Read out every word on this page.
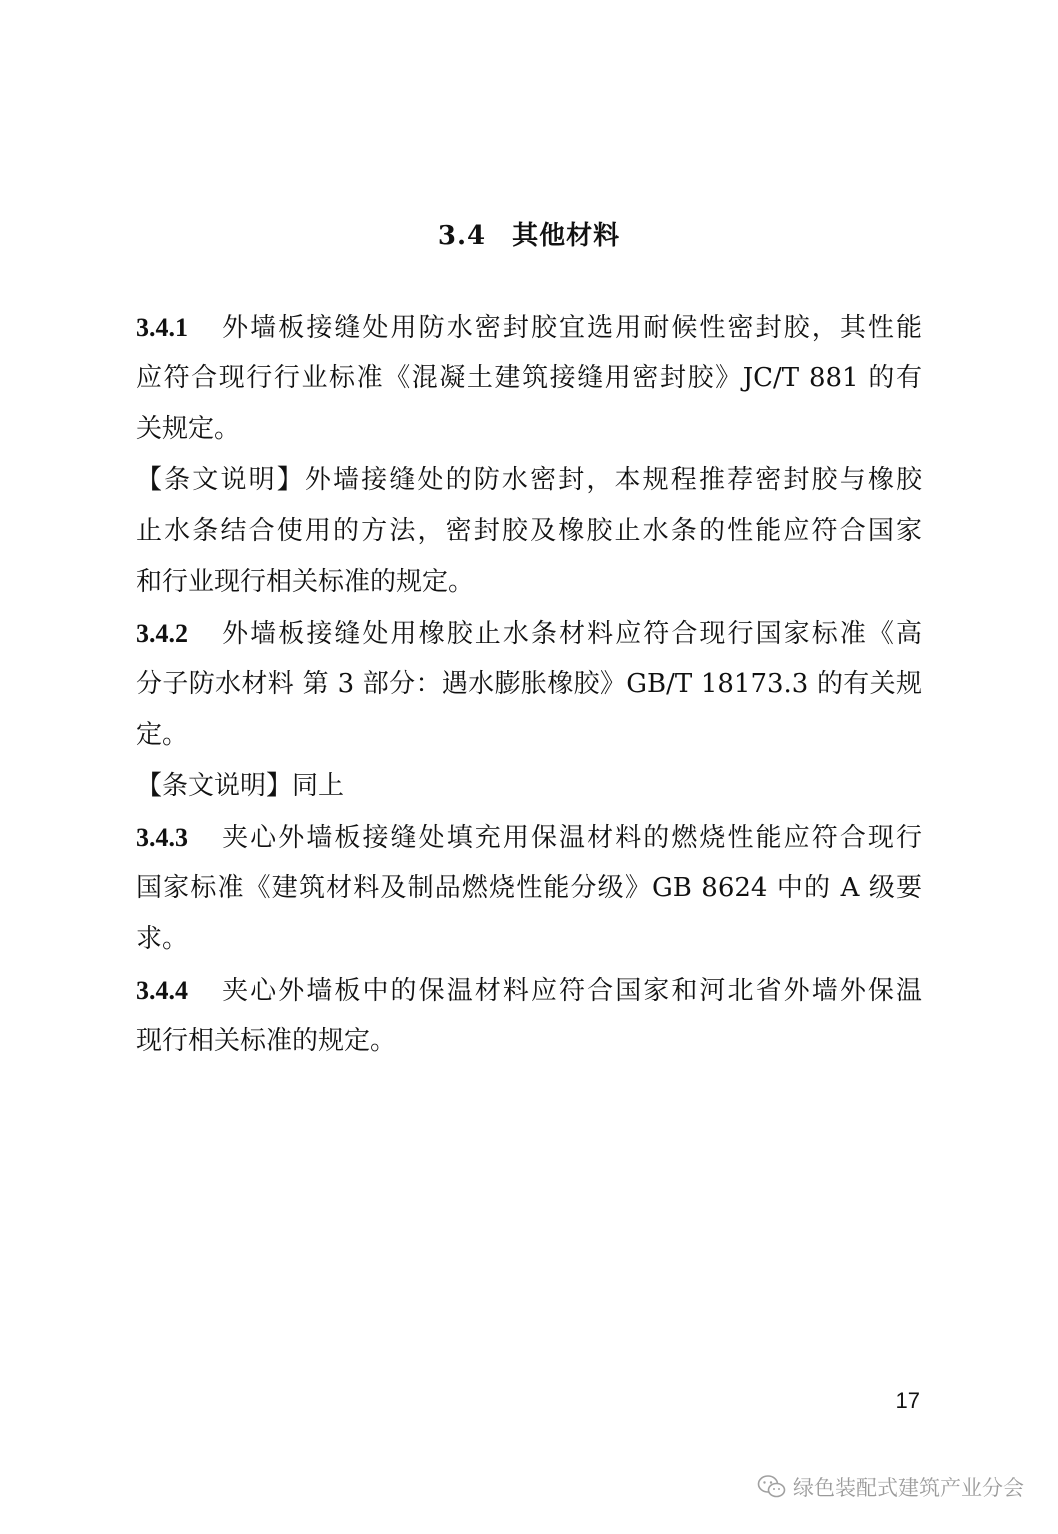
3.4 其他材料
3.4.1 外墙板接缝处用防水密封胶宜选用耐候性密封胶，其性能
应符合现行行业标准《混凝土建筑接缝用密封胶》JC/T 881 的有
关规定。
【条文说明】外墙接缝处的防水密封，本规程推荐密封胶与橡胶
止水条结合使用的方法，密封胶及橡胶止水条的性能应符合国家
和行业现行相关标准的规定。
3.4.2 外墙板接缝处用橡胶止水条材料应符合现行国家标准《高
分子防水材料 第 3 部分：遇水膨胀橡胶》GB/T 18173.3 的有关规
定。
【条文说明】同上
3.4.3 夹心外墙板接缝处填充用保温材料的燃烧性能应符合现行
国家标准《建筑材料及制品燃烧性能分级》GB 8624 中的 A 级要
求。
3.4.4 夹心外墙板中的保温材料应符合国家和河北省外墙外保温
现行相关标准的规定。
17
绿色装配式建筑产业分会
